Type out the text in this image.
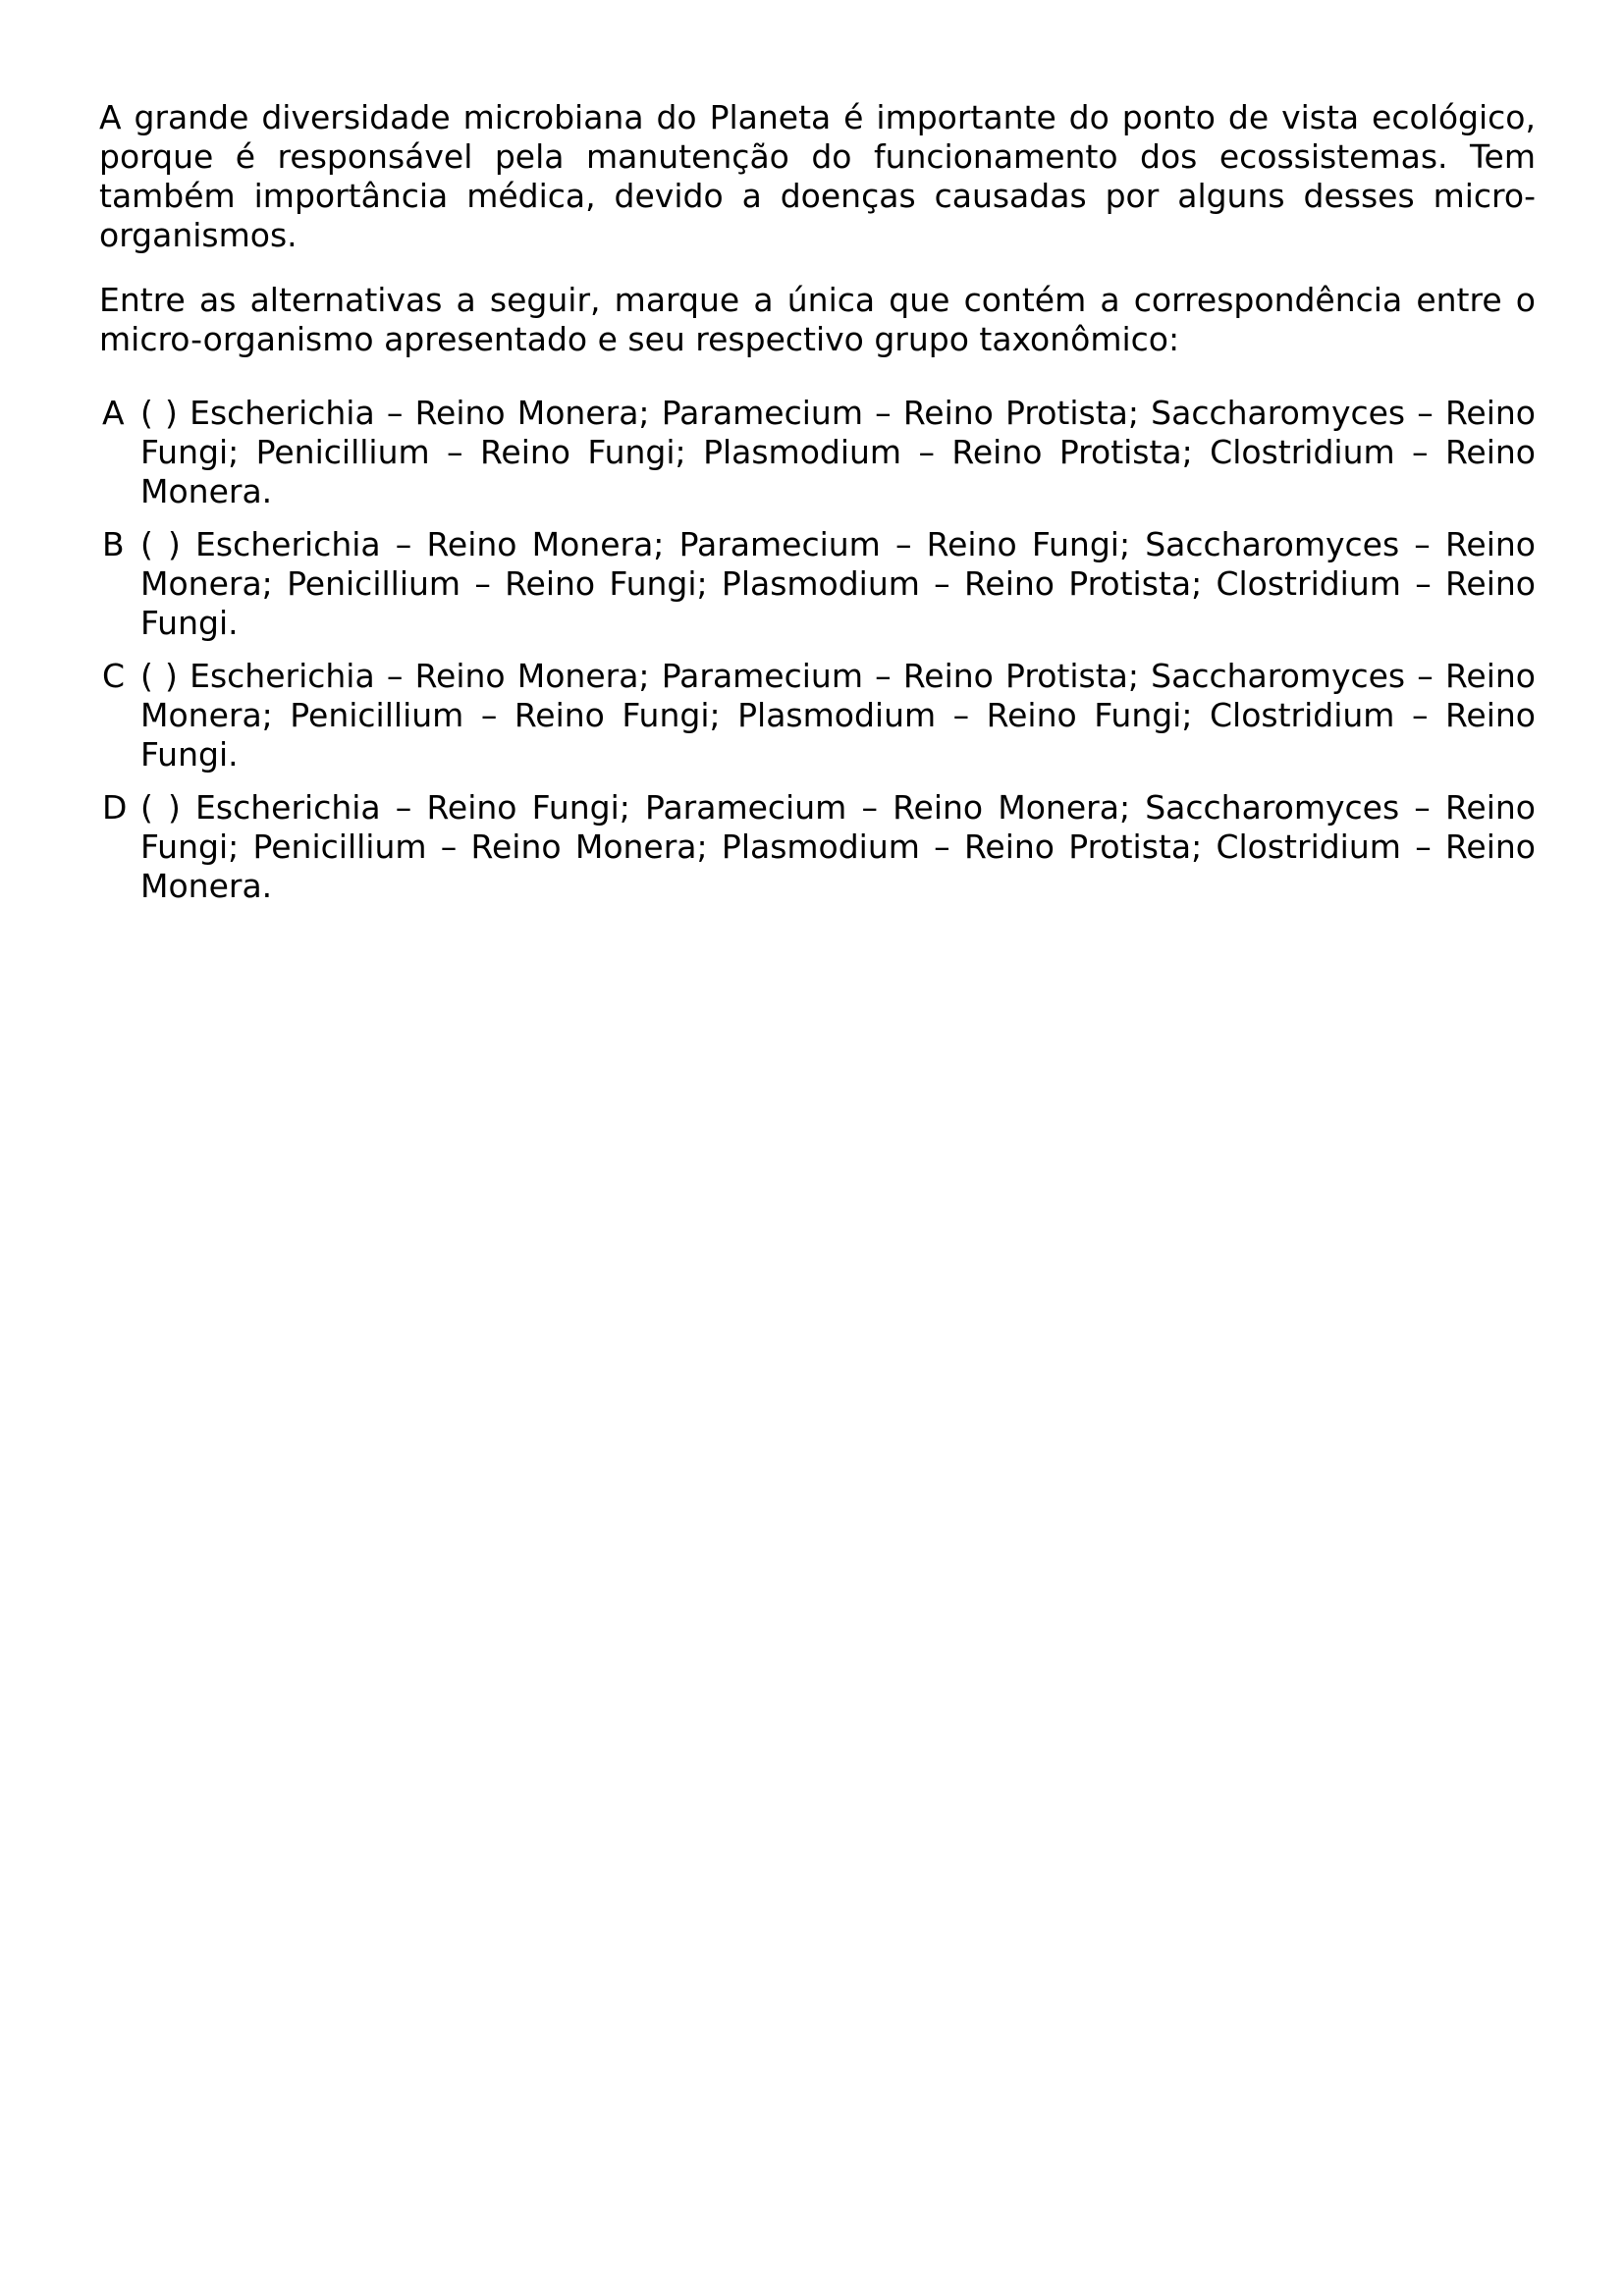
A grande diversidade microbiana do Planeta é importante do ponto de vista ecológico, porque é responsável pela manutenção do funcionamento dos ecossistemas. Tem também importância médica, devido a doenças causadas por alguns desses microorganismos.

Entre as alternativas a seguir, marque a única que contém a correspondência entre o micro-organismo apresentado e seu respectivo grupo taxonômico:

A ( ) Escherichia – Reino Monera; Paramecium – Reino Protista; Saccharomyces – Reino Fungi; Penicillium – Reino Fungi; Plasmodium – Reino Protista; Clostridium – Reino Monera.
B ( ) Escherichia – Reino Monera; Paramecium – Reino Fungi; Saccharomyces – Reino Monera; Penicillium – Reino Fungi; Plasmodium – Reino Protista; Clostridium – Reino Fungi.
C ( ) Escherichia – Reino Monera; Paramecium – Reino Protista; Saccharomyces – Reino Monera; Penicillium – Reino Fungi; Plasmodium – Reino Fungi; Clostridium – Reino Fungi.
D ( ) Escherichia – Reino Fungi; Paramecium – Reino Monera; Saccharomyces – Reino Fungi; Penicillium – Reino Monera; Plasmodium – Reino Protista; Clostridium – Reino Monera.
